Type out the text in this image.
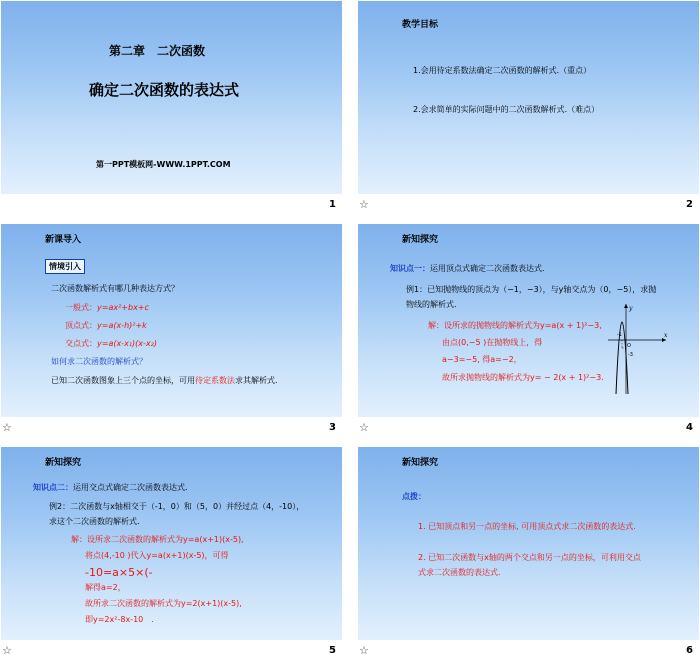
第二章　二次函数
确定二次函数的表达式
第一PPT模板网-WWW.1PPT.COM
1
教学目标
1.会用待定系数法确定二次函数的解析式.（重点）
2.会求简单的实际问题中的二次函数解析式.（难点）
☆	2
新课导入
情境引入
二次函数解析式有哪几种表达方式？
一般式：y=ax²+bx+c
顶点式：y=a(x-h)²+k
交点式：y=a(x-x₁)(x-x₂)
如何求二次函数的解析式？
已知二次函数图象上三个点的坐标，可用待定系数法求其解析式.
☆	3
新知探究
知识点一：运用顶点式确定二次函数表达式.
例1：已知抛物线的顶点为（−1，−3），与y轴交点为（0，−5），求抛
物线的解析式.
解：设所求的抛物线的解析式为y=a(x + 1)²−3,
由点(0,−5 )在抛物线上，得
a−3=−5, 得a=−2，
故所求抛物线的解析式为y= − 2(x + 1)²−3.
y
x
O
-1
-3
☆	4
新知探究
知识点二：运用交点式确定二次函数表达式.
例2：二次函数与x轴相交于（-1，0）和（5，0）并经过点（4，-10），
求这个二次函数的解析式.
解：设所求二次函数的解析式为y=a(x+1)(x-5),
将点(4,-10 )代入y=a(x+1)(x-5)，可得
-10=a×5×(-
解得a=2，
故所求二次函数的解析式为y=2(x+1)(x-5),
即y=2x²-8x-10　.
☆	5
新知探究
点拨：
1. 已知顶点和另一点的坐标, 可用顶点式求二次函数的表达式.
2. 已知二次函数与x轴的两个交点和另一点的坐标，可利用交点
式求二次函数的表达式.
☆	6
